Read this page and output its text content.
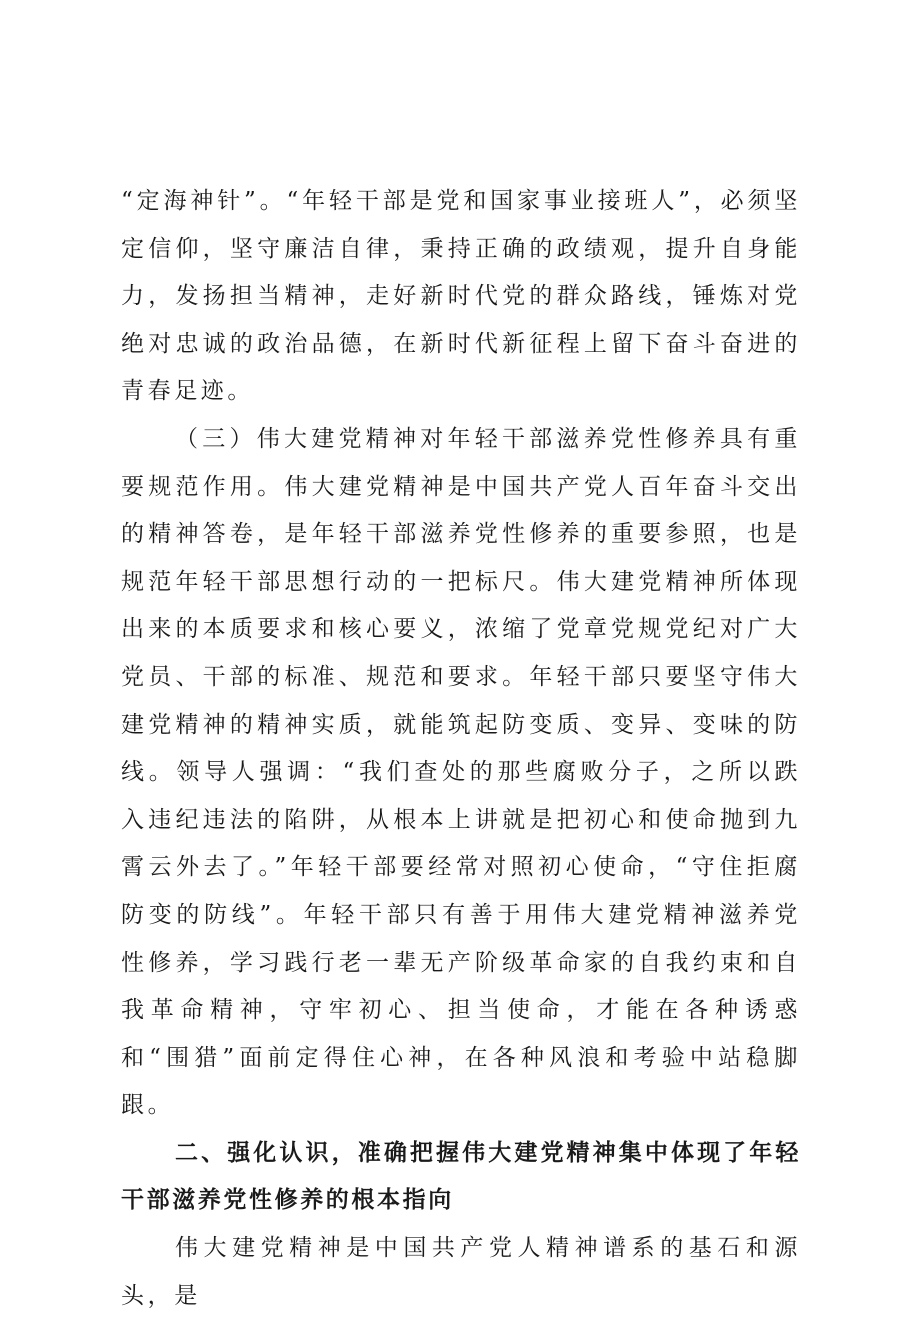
“定海神针”。“年轻干部是党和国家事业接班人”，必须坚定信仰，坚守廉洁自律，秉持正确的政绩观，提升自身能力，发扬担当精神，走好新时代党的群众路线，锤炼对党绝对忠诚的政治品德，在新时代新征程上留下奋斗奋进的青春足迹。

（三）伟大建党精神对年轻干部滋养党性修养具有重要规范作用。伟大建党精神是中国共产党人百年奋斗交出的精神答卷，是年轻干部滋养党性修养的重要参照，也是规范年轻干部思想行动的一把标尺。伟大建党精神所体现出来的本质要求和核心要义，浓缩了党章党规党纪对广大党员、干部的标准、规范和要求。年轻干部只要坚守伟大建党精神的精神实质，就能筑起防变质、变异、变味的防线。领导人强调：“我们查处的那些腐败分子，之所以跌入违纪违法的陷阱，从根本上讲就是把初心和使命抛到九霄云外去了。”年轻干部要经常对照初心使命，“守住拒腐防变的防线”。年轻干部只有善于用伟大建党精神滋养党性修养，学习践行老一辈无产阶级革命家的自我约束和自我革命精神，守牢初心、担当使命，才能在各种诱惑和“围猎”面前定得住心神，在各种风浪和考验中站稳脚跟。

二、强化认识，准确把握伟大建党精神集中体现了年轻干部滋养党性修养的根本指向

伟大建党精神是中国共产党人精神谱系的基石和源头，是
